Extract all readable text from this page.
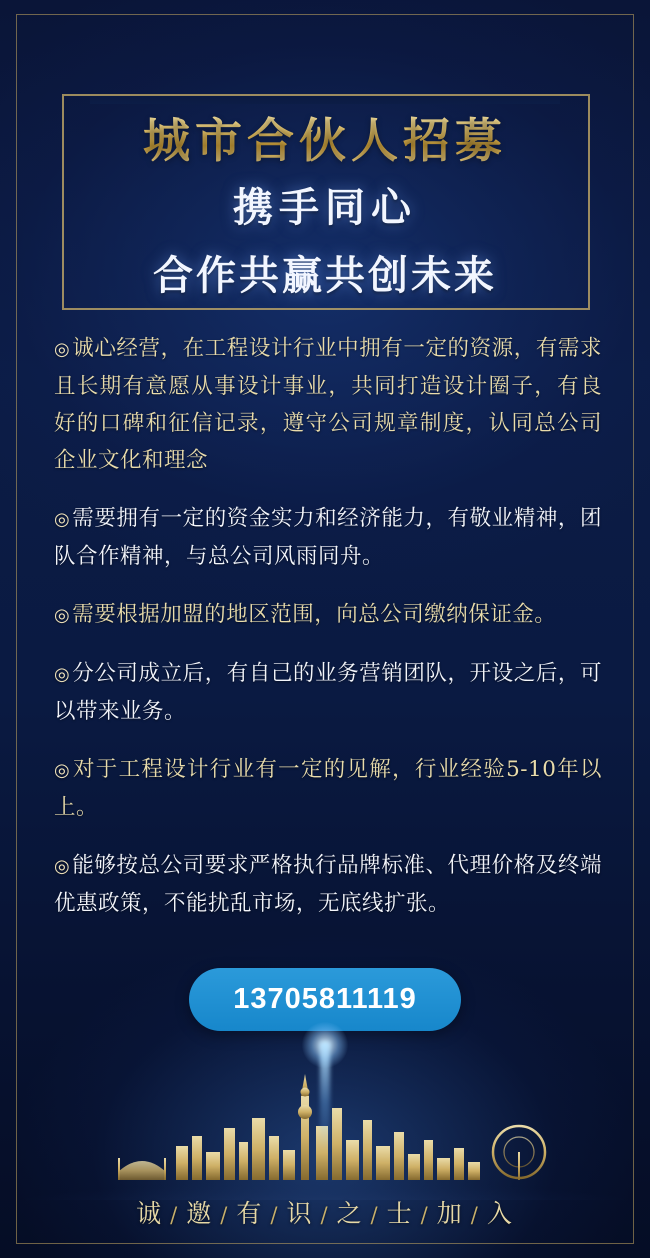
城市合伙人招募
携手同心
合作共赢共创未来

◎诚心经营，在工程设计行业中拥有一定的资源，有需求且长期有意愿从事设计事业，共同打造设计圈子，有良好的口碑和征信记录，遵守公司规章制度，认同总公司企业文化和理念

◎需要拥有一定的资金实力和经济能力，有敬业精神，团队合作精神，与总公司风雨同舟。

◎需要根据加盟的地区范围，向总公司缴纳保证金。

◎分公司成立后，有自己的业务营销团队，开设之后，可以带来业务。

◎对于工程设计行业有一定的见解，行业经验5-10年以上。

◎能够按总公司要求严格执行品牌标准、代理价格及终端优惠政策，不能扰乱市场，无底线扩张。

13705811119
诚 / 邀 / 有 / 识 / 之 / 士 / 加 / 入
